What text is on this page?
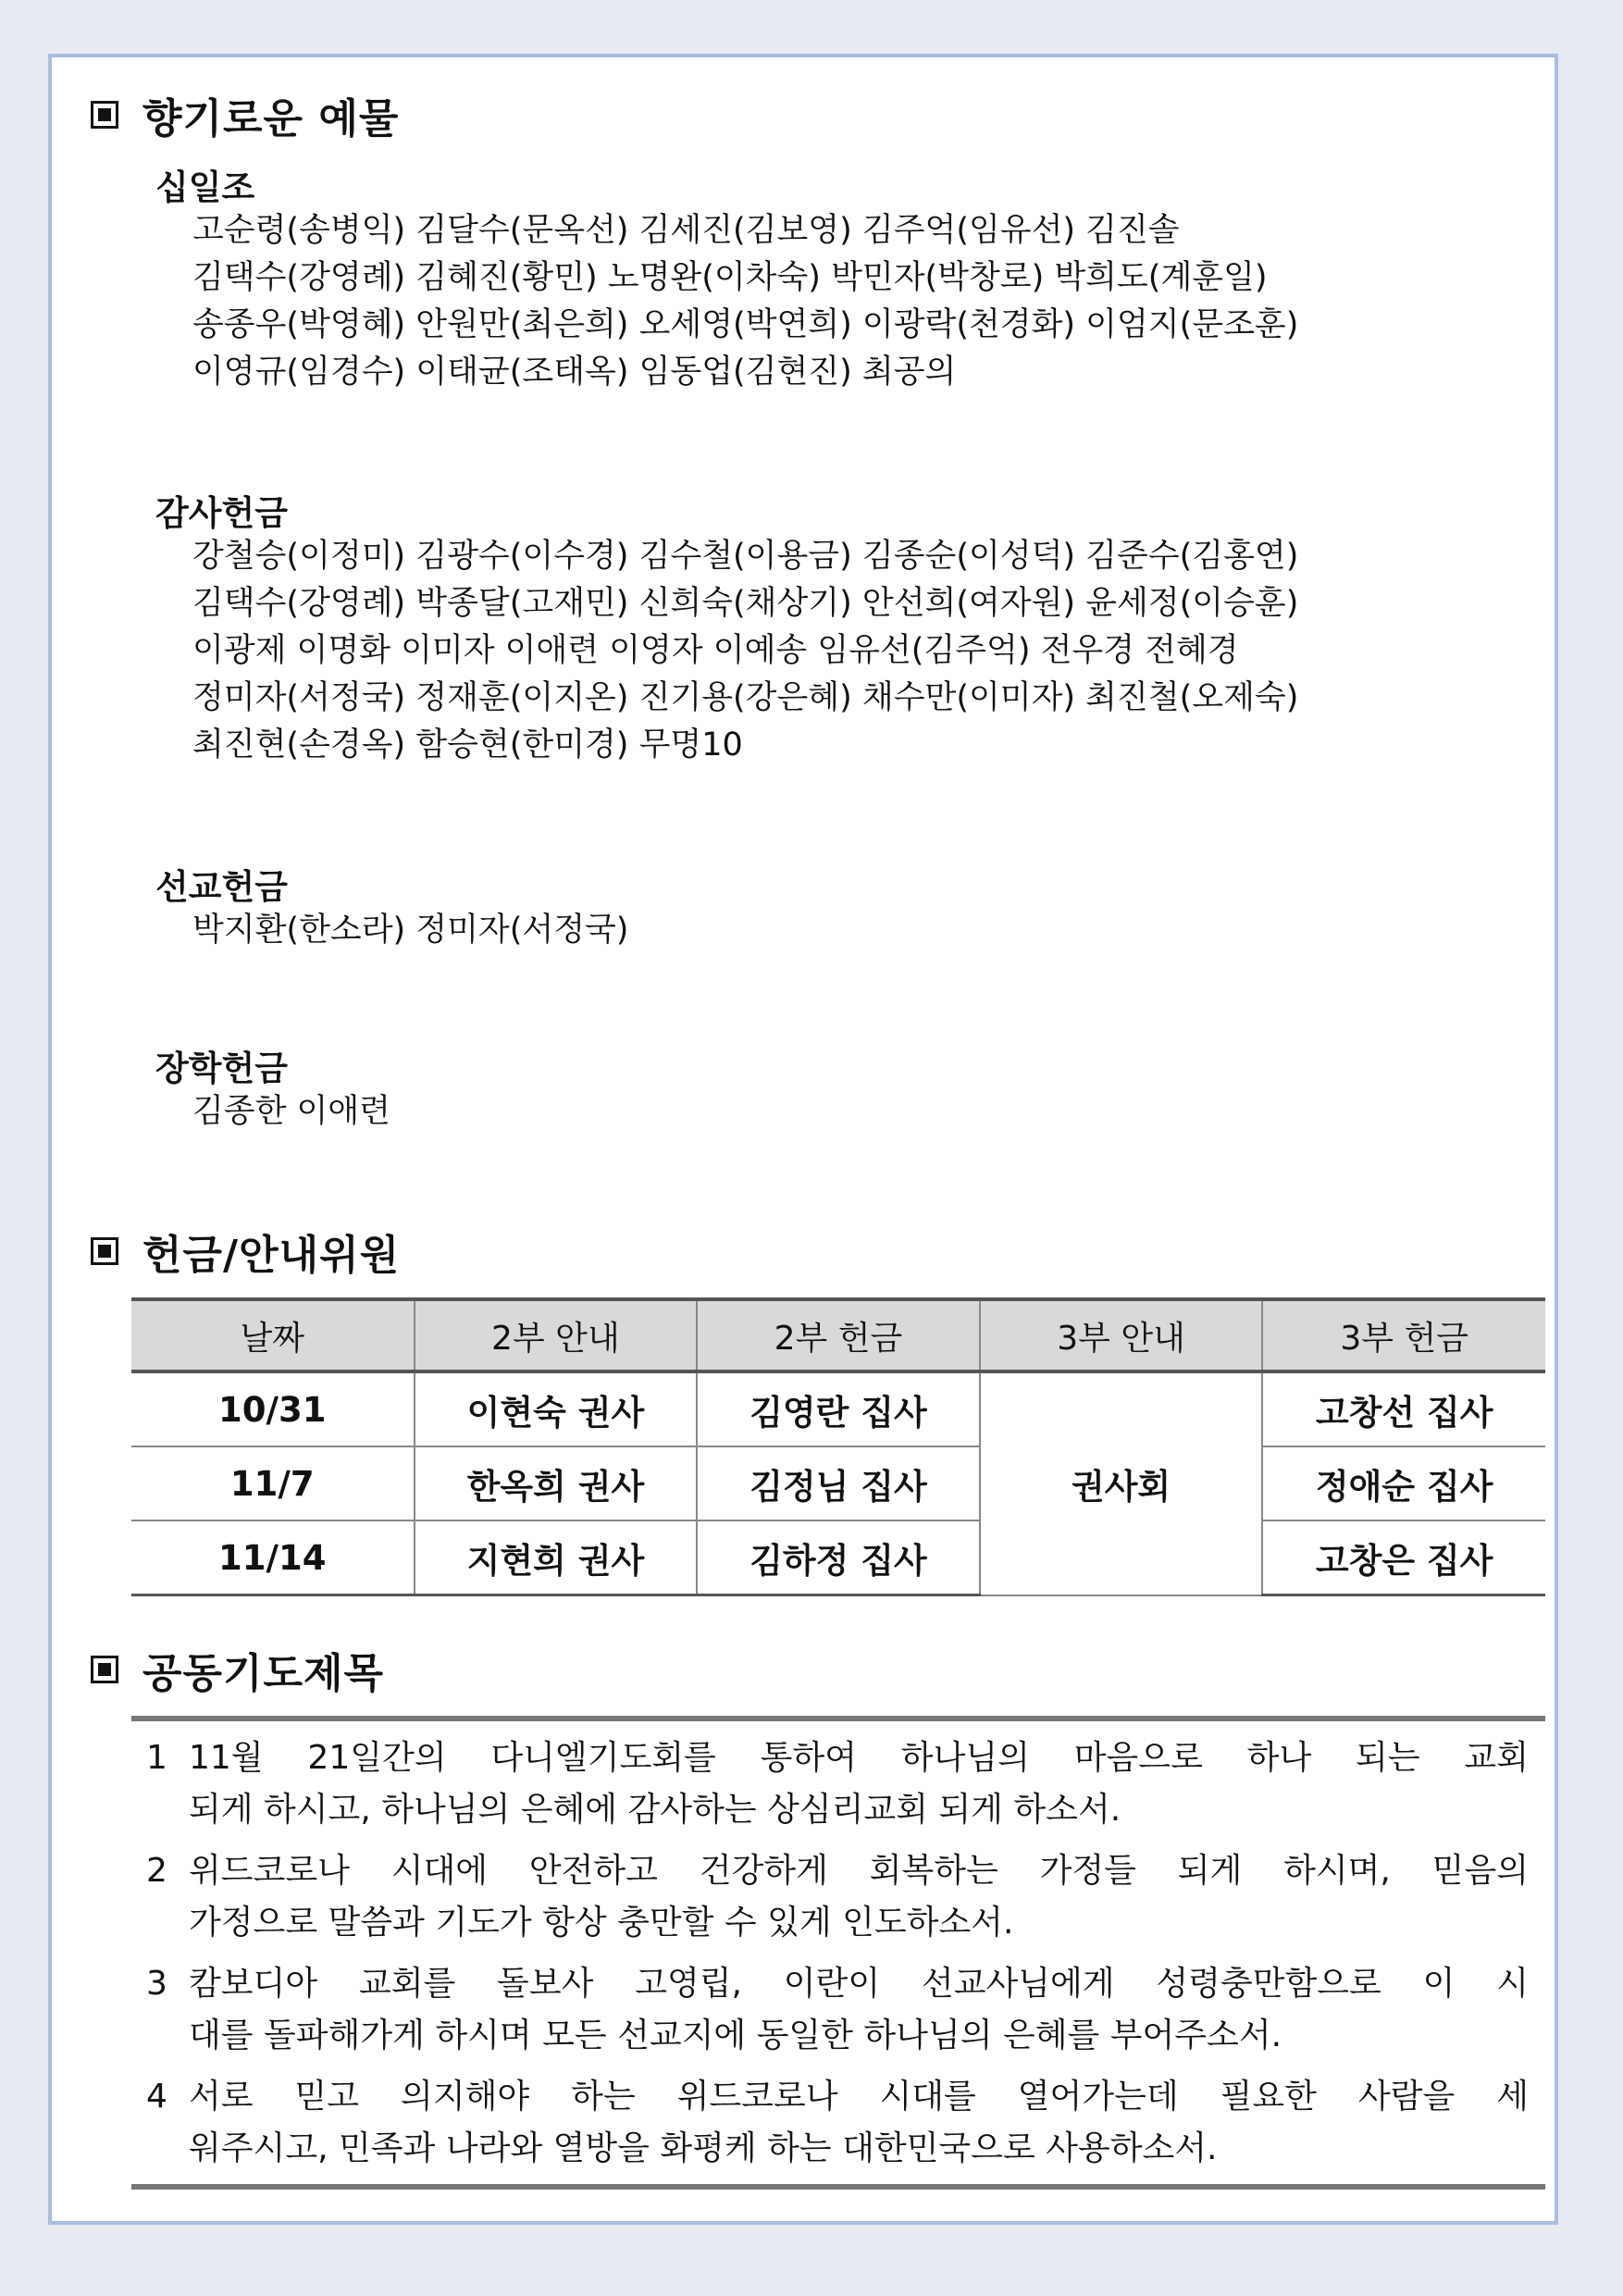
향기로운 예물
십일조
고순령(송병익) 김달수(문옥선) 김세진(김보영) 김주억(임유선) 김진솔
김택수(강영례) 김혜진(황민) 노명완(이차숙) 박민자(박창로) 박희도(계훈일)
송종우(박영혜) 안원만(최은희) 오세영(박연희) 이광락(천경화) 이엄지(문조훈)
이영규(임경수) 이태균(조태옥) 임동업(김현진) 최공의
감사헌금
강철승(이정미) 김광수(이수경) 김수철(이용금) 김종순(이성덕) 김준수(김홍연)
김택수(강영례) 박종달(고재민) 신희숙(채상기) 안선희(여자원) 윤세정(이승훈)
이광제 이명화 이미자 이애련 이영자 이예송 임유선(김주억) 전우경 전혜경
정미자(서정국) 정재훈(이지온) 진기용(강은혜) 채수만(이미자) 최진철(오제숙)
최진현(손경옥) 함승현(한미경) 무명10
선교헌금
박지환(한소라) 정미자(서정국)
장학헌금
김종한 이애련
헌금/안내위원
날짜	2부 안내	2부 헌금	3부 안내	3부 헌금
10/31	이현숙 권사	김영란 집사	권사회	고창선 집사
11/7	한옥희 권사	김정님 집사		정애순 집사
11/14	지현희 권사	김하정 집사		고창은 집사
공동기도제목
1 11월 21일간의 다니엘기도회를 통하여 하나님의 마음으로 하나 되는 교회
되게 하시고, 하나님의 은혜에 감사하는 상심리교회 되게 하소서.
2 위드코로나 시대에 안전하고 건강하게 회복하는 가정들 되게 하시며, 믿음의
가정으로 말씀과 기도가 항상 충만할 수 있게 인도하소서.
3 캄보디아 교회를 돌보사 고영립, 이란이 선교사님에게 성령충만함으로 이 시
대를 돌파해가게 하시며 모든 선교지에 동일한 하나님의 은혜를 부어주소서.
4 서로 믿고 의지해야 하는 위드코로나 시대를 열어가는데 필요한 사람을 세
워주시고, 민족과 나라와 열방을 화평케 하는 대한민국으로 사용하소서.
